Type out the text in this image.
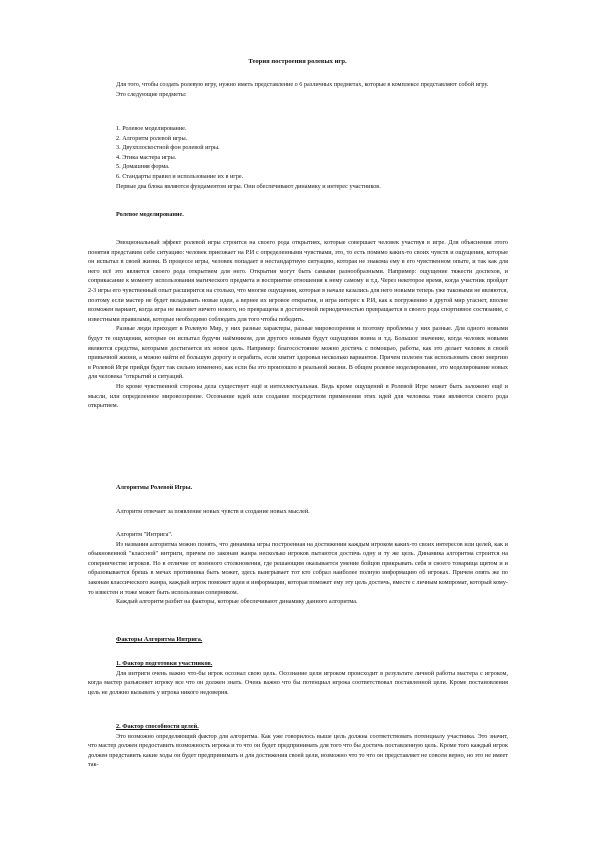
Теория построения ролевых игр.

Для того, чтобы создать ролевую игру, нужно иметь представление о 6 различных предметах, которые в комплексе представляют собой игру.

Это следующие предметы:

1. Ролевое моделирование.
2. Алгоритм ролевой игры.
3. Двухплоскостной фон ролевой игры.
4. Этика мастера игры.
5. Домашняя форма.
6. Стандарты правил и использование их в игре.

Первые два блока являются фундаментом игры. Они обеспечивают динамику и интерес участников.

Ролевое моделирование.

Эмоциональный эффект ролевой игры строится на своего рода открытиях, которые совершает человек участвуя в игре. Для объяснения этого понятия представим себе ситуацию: человек приезжает на Р.И с определенными чувствами, это, то есть помимо каких-то своих чувств и ощущения, которые он испытал в своей жизни. В процессе игры, человек попадает в нестандартную ситуацию, которая не знакома ему в его чувственном опыте, и так как для него всё это является своего рода открытием для него. Открытия могут быть самыми разнообразными. Например: ощущение тяжести доспехов, и соприкасание к моменту использования магического предмета и восприятие отношения к нему самому и т.д. Через некоторое время, когда участник пройдет 2-3 игры его чувственный опыт расширится на столько, что многие ощущения, которые в начале казались для него новыми теперь уже таковыми не являются, поэтому если мастер не будет вкладывать новые идеи, а вернее их игровое открытия, и игра интерес к Р.И, как к погружению в другой мир угаснет, вполне возможен вариант, когда игра не вызовет ничего нового, но превращена в достаточной периодичностью превращается в своего рода спортивное состязание, с известными правилами, которые необходимо соблюдать для того чтобы победить.

Разные люди приходят в Ролевую Мир, у них разные характеры, разные мировоззрения и поэтому проблемы у них разные. Для одного новыми будут те ощущения, которые он испытал будучи наёмником, для другого новыми будут ощущения воина и т.д. Большое значение, когда человек новыми являются средства, которыми достигается их новое цель. Например: благосостояние можно достичь с помощью, работы, как это делает человек в своей привычной жизни, а можно найти её большую дорогу и ограбить, если хватит здоровья несколько вариантов. Причем полезен так использовать свою энергию в Ролевой Игре прийдя будет так сильно изменено, как если бы это произошло в реальной жизни. В общем ролевое моделирование, это моделирование новых для человека "открытий и ситуаций.

Но кроме чувственной стороны дела существует ещё и интеллектуальная. Ведь кроме ощущений в Ролевой Игре может быть заложено ещё и мысли, или определенное мировоззрение. Осознание идей или создание посредством применения этих идей для человека тоже являются своего рода открытием.

Алгоритмы Ролевой Игры.

Алгоритм отвечает за появление новых чувств и создание новых мыслей.

Алгоритм "Интрига".

Из названия алгоритма можно понять, что динамика игры построенная на достижении каждым игроком каких-то своих интересов или целей, как и обыкновенной "классной" интриги, причем по законам жанра несколько игроков пытаются достичь одну и ту же цель. Динамика алгоритма строится на соперничестве игроков. Но в отличие от военного столкновения, где решающим оказывается умение бойцов прикрывать себя и своего товарища щитом и и образовывается брешь в мечах противника быть может, здесь выигрывает тот кто собрал наиболее полную информацию об игроках. Причем опять же по законам классического жанра, каждый игрок поможет идеи и информации, которая поможет ему эту цель достичь, вместе с личным компромат, который кому-то известен и тоже может быть использован соперником.

Каждый алгоритм разбит на факторы, которые обеспечивают динамику данного алгоритма.

Факторы Алгоритма Интрига.

1. Фактор подготовки участников.

Для интриги очень важно что-бы игрок осознал свою цель. Осознание цели игроком происходит в результате личной работы мастера с игроком, когда мастер разъясняет игроку все что он должен знать. Очень важно что бы потенциал игрока соответствовал поставленной цели. Кроме постановления цель не должно вызывать у игрока никого недоверия.

2. Фактор способности целей.

Это возможно определяющий фактор для алгоритма. Как уже говорилось выше цель должна соответствовать потенциалу участника. Это значит, что мастер должен предоставить возможность игрока и то что он будет предпринимать для того что бы достичь поставленную цель. Кроме того каждый игрок должен представить какие ходы он будет предпринимать и для достижения своей цели, возможно что то что он представляет не совсем верно, но это не имеет так-
